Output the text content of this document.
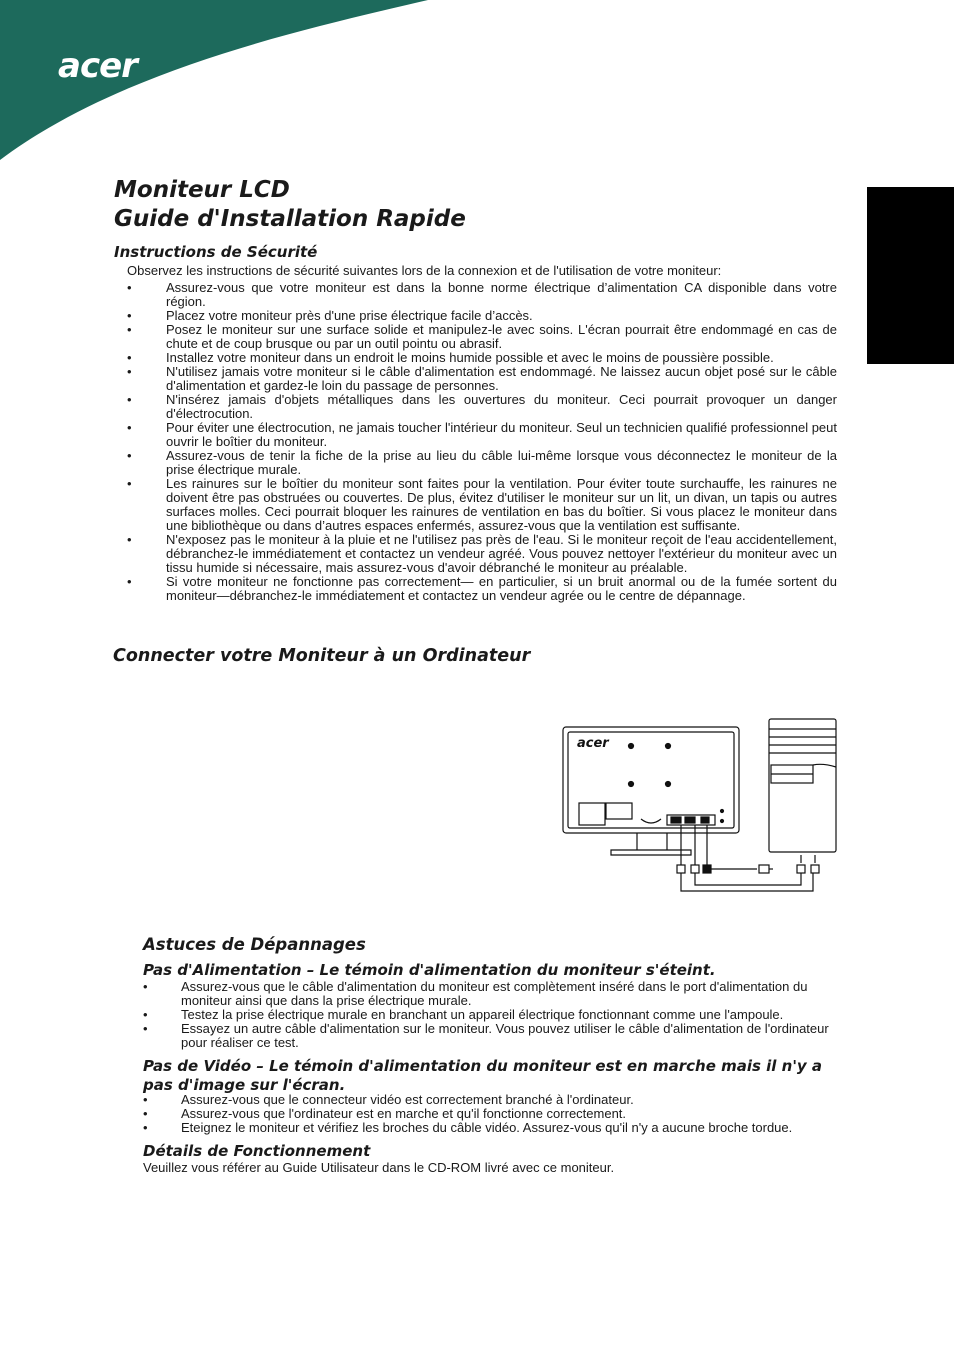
acer
Moniteur LCD
Guide d'Installation Rapide
Instructions de Sécurité
Observez les instructions de sécurité suivantes lors de la connexion et de l'utilisation de votre moniteur:
• Assurez-vous que votre moniteur est dans la bonne norme électrique d’alimentation CA disponible dans votre région.
• Placez votre moniteur près d'une prise électrique facile d’accès.
• Posez le moniteur sur une surface solide et manipulez-le avec soins. L'écran pourrait être endommagé en cas de chute et de coup brusque ou par un outil pointu ou abrasif.
• Installez votre moniteur dans un endroit le moins humide possible et avec le moins de poussière possible.
• N'utilisez jamais votre moniteur si le câble d'alimentation est endommagé. Ne laissez aucun objet posé sur le câble d'alimentation et gardez-le loin du passage de personnes.
• N'insérez jamais d'objets métalliques dans les ouvertures du moniteur. Ceci pourrait provoquer un danger d'électrocution.
• Pour éviter une électrocution, ne jamais toucher l'intérieur du moniteur. Seul un technicien qualifié professionnel peut ouvrir le boîtier du moniteur.
• Assurez-vous de tenir la fiche de la prise au lieu du câble lui-même lorsque vous déconnectez le moniteur de la prise électrique murale.
• Les rainures sur le boîtier du moniteur sont faites pour la ventilation. Pour éviter toute surchauffe, les rainures ne doivent être pas obstruées ou couvertes. De plus, évitez d'utiliser le moniteur sur un lit, un divan, un tapis ou autres surfaces molles. Ceci pourrait bloquer les rainures de ventilation en bas du boîtier. Si vous placez le moniteur dans une bibliothèque ou dans d’autres espaces enfermés, assurez-vous que la ventilation est suffisante.
• N'exposez pas le moniteur à la pluie et ne l'utilisez pas près de l'eau. Si le moniteur reçoit de l'eau accidentellement, débranchez-le immédiatement et contactez un vendeur agréé. Vous pouvez nettoyer l'extérieur du moniteur avec un tissu humide si nécessaire, mais assurez-vous d'avoir débranché le moniteur au préalable.
• Si votre moniteur ne fonctionne pas correctement— en particulier, si un bruit anormal ou de la fumée sortent du moniteur—débranchez-le immédiatement et contactez un vendeur agrée ou le centre de dépannage.
Connecter votre Moniteur à un Ordinateur
acer
Astuces de Dépannages
Pas d'Alimentation – Le témoin d'alimentation du moniteur s'éteint.
• Assurez-vous que le câble d'alimentation du moniteur est complètement inséré dans le port d'alimentation du moniteur ainsi que dans la prise électrique murale.
• Testez la prise électrique murale en branchant un appareil électrique fonctionnant comme une l'ampoule.
• Essayez un autre câble d'alimentation sur le moniteur. Vous pouvez utiliser le câble d'alimentation de l'ordinateur pour réaliser ce test.
Pas de Vidéo – Le témoin d'alimentation du moniteur est en marche mais il n'y a pas d'image sur l'écran.
• Assurez-vous que le connecteur vidéo est correctement branché à l'ordinateur.
• Assurez-vous que l'ordinateur est en marche et qu'il fonctionne correctement.
• Eteignez le moniteur et vérifiez les broches du câble vidéo. Assurez-vous qu'il n'y a aucune broche tordue.
Détails de Fonctionnement
Veuillez vous référer au Guide Utilisateur dans le CD-ROM livré avec ce moniteur.
